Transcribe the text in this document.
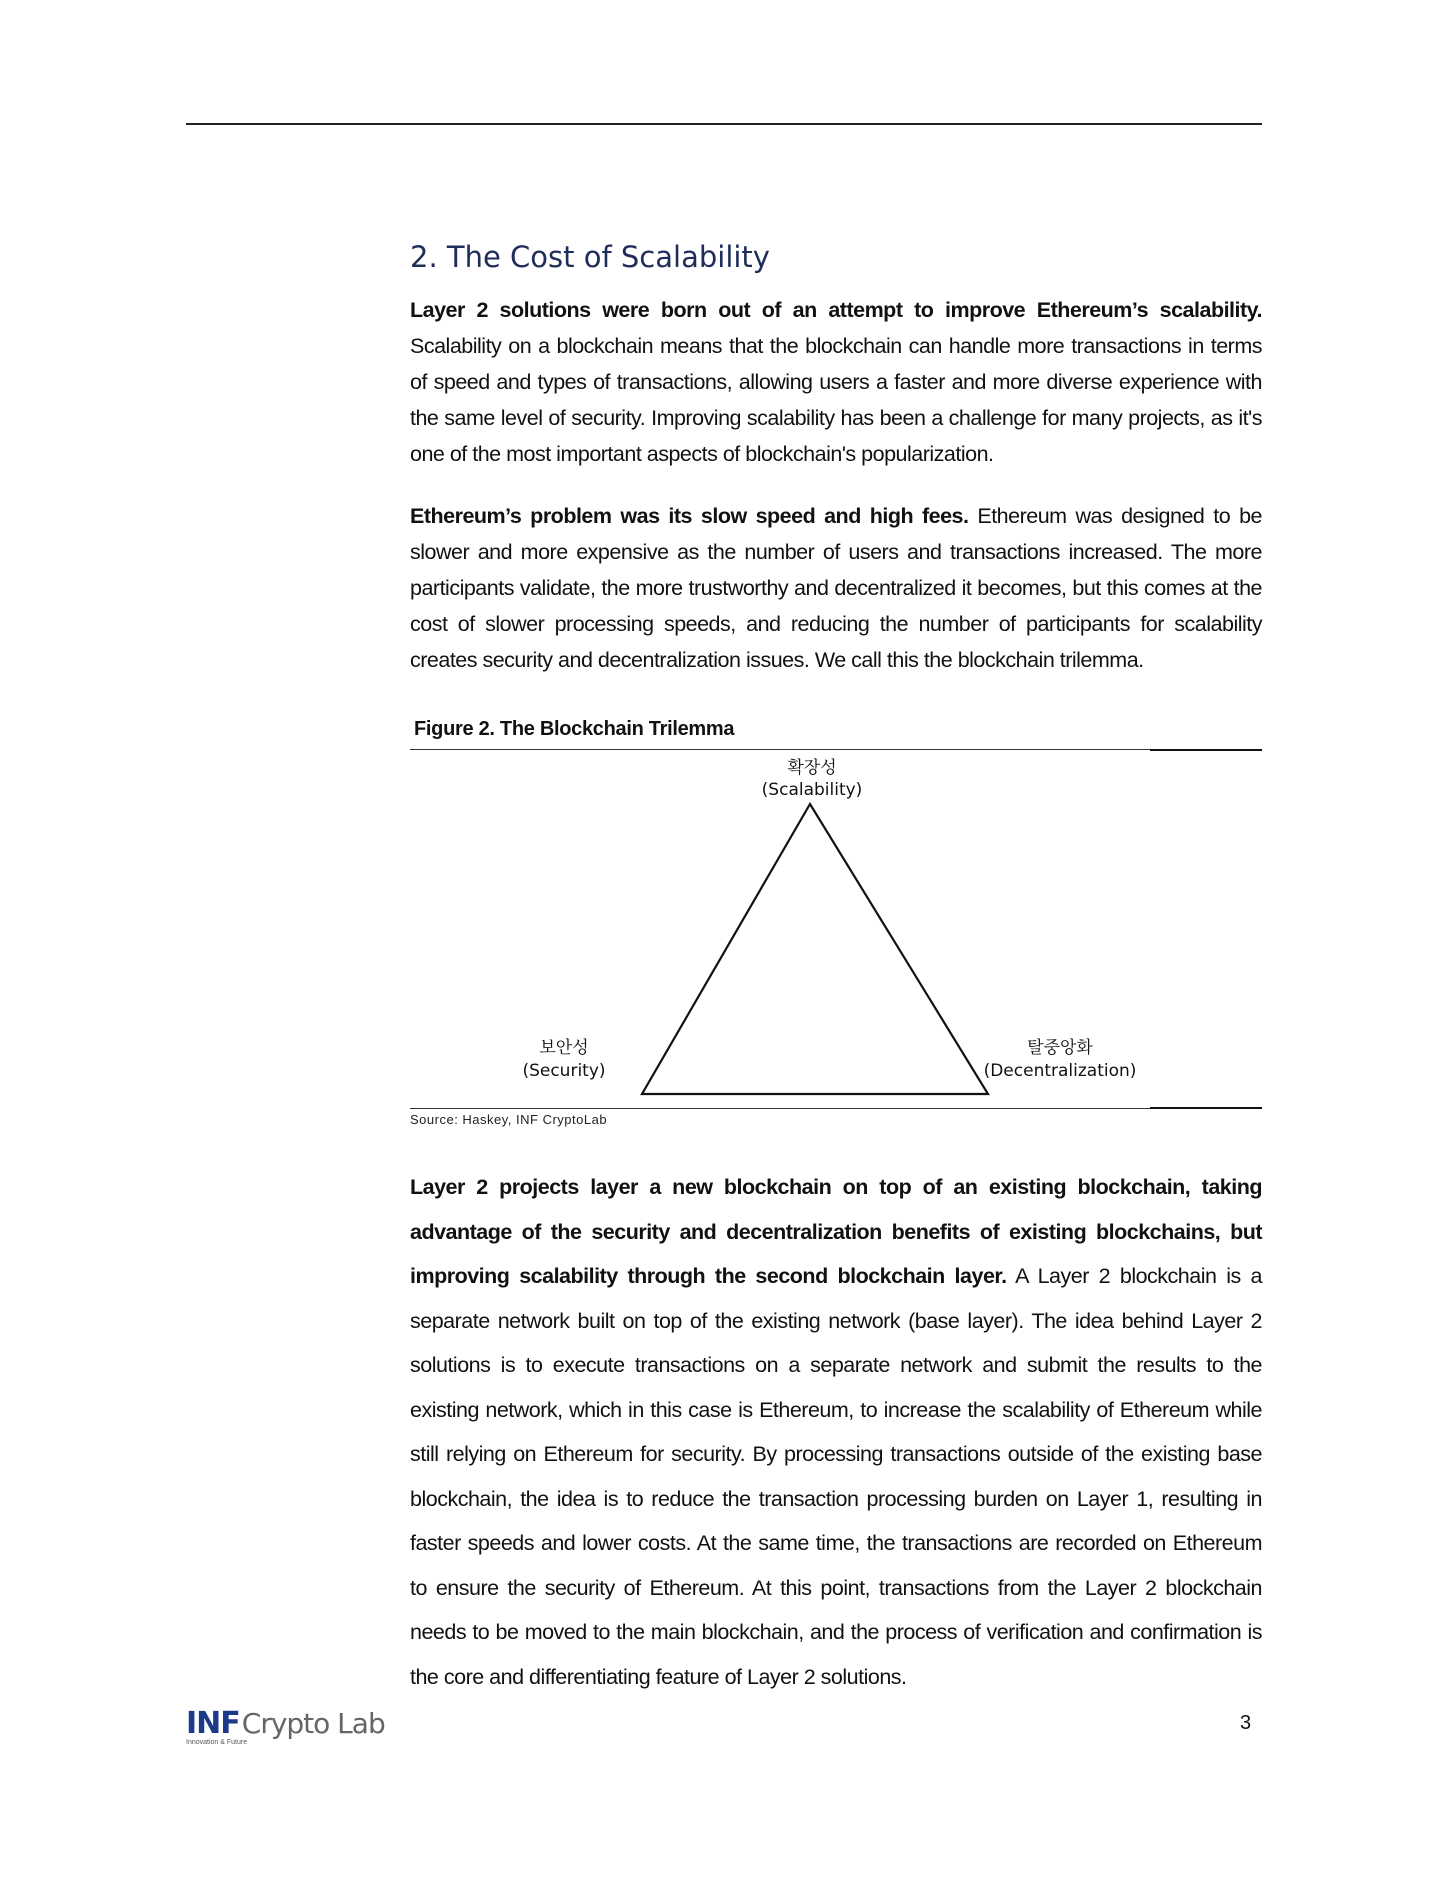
2. The Cost of Scalability

Layer 2 solutions were born out of an attempt to improve Ethereum’s scalability. Scalability on a blockchain means that the blockchain can handle more transactions in terms of speed and types of transactions, allowing users a faster and more diverse experience with the same level of security. Improving scalability has been a challenge for many projects, as it's one of the most important aspects of blockchain's popularization.

Ethereum’s problem was its slow speed and high fees. Ethereum was designed to be slower and more expensive as the number of users and transactions increased. The more participants validate, the more trustworthy and decentralized it becomes, but this comes at the cost of slower processing speeds, and reducing the number of participants for scalability creates security and decentralization issues. We call this the blockchain trilemma.

Figure 2. The Blockchain Trilemma
확장성
(Scalability)
보안성
(Security)
탈중앙화
(Decentralization)
Source: Haskey, INF CryptoLab

Layer 2 projects layer a new blockchain on top of an existing blockchain, taking advantage of the security and decentralization benefits of existing blockchains, but improving scalability through the second blockchain layer. A Layer 2 blockchain is a separate network built on top of the existing network (base layer). The idea behind Layer 2 solutions is to execute transactions on a separate network and submit the results to the existing network, which in this case is Ethereum, to increase the scalability of Ethereum while still relying on Ethereum for security. By processing transactions outside of the existing base blockchain, the idea is to reduce the transaction processing burden on Layer 1, resulting in faster speeds and lower costs. At the same time, the transactions are recorded on Ethereum to ensure the security of Ethereum. At this point, transactions from the Layer 2 blockchain needs to be moved to the main blockchain, and the process of verification and confirmation is the core and differentiating feature of Layer 2 solutions.

INFCrypto Lab
Innovation & Future
3
